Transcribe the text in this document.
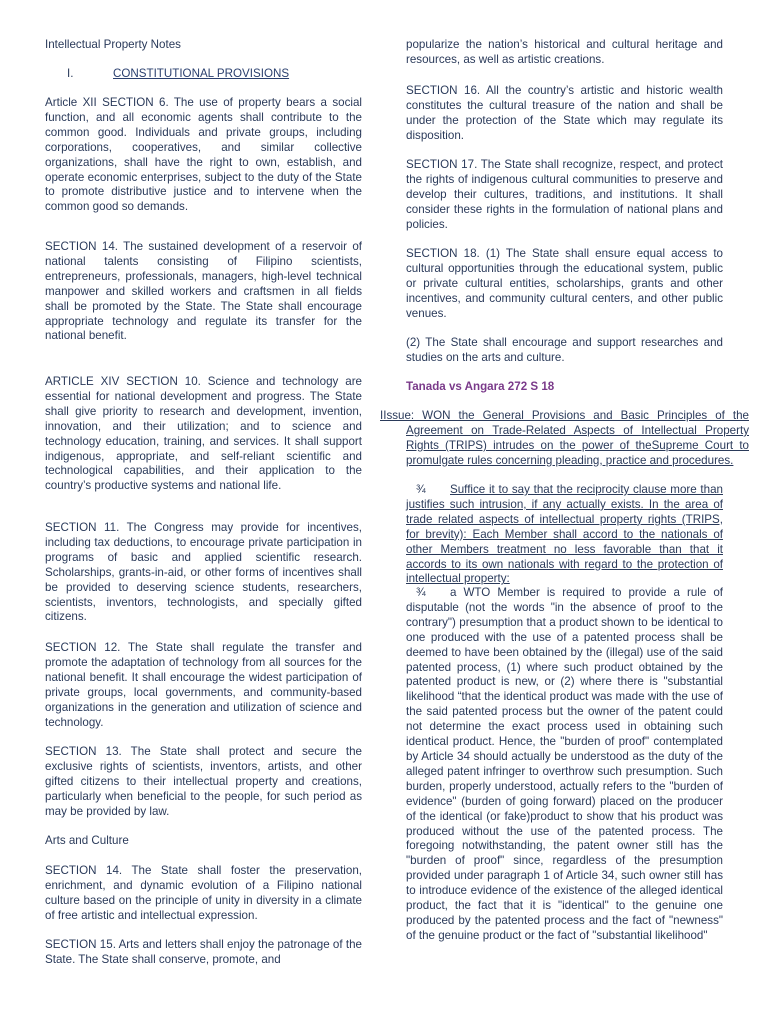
Intellectual Property Notes

I.	CONSTITUTIONAL PROVISIONS

Article XII SECTION 6. The use of property bears a social function, and all economic agents shall contribute to the common good. Individuals and private groups, including corporations, cooperatives, and similar collective organizations, shall have the right to own, establish, and operate economic enterprises, subject to the duty of the State to promote distributive justice and to intervene when the common good so demands.

SECTION 14. The sustained development of a reservoir of national talents consisting of Filipino scientists, entrepreneurs, professionals, managers, high-level technical manpower and skilled workers and craftsmen in all fields shall be promoted by the State. The State shall encourage appropriate technology and regulate its transfer for the national benefit.

ARTICLE XIV SECTION 10. Science and technology are essential for national development and progress. The State shall give priority to research and development, invention, innovation, and their utilization; and to science and technology education, training, and services. It shall support indigenous, appropriate, and self-reliant scientific and technological capabilities, and their application to the country’s productive systems and national life.

SECTION 11. The Congress may provide for incentives, including tax deductions, to encourage private participation in programs of basic and applied scientific research. Scholarships, grants-in-aid, or other forms of incentives shall be provided to deserving science students, researchers, scientists, inventors, technologists, and specially gifted citizens.

SECTION 12. The State shall regulate the transfer and promote the adaptation of technology from all sources for the national benefit. It shall encourage the widest participation of private groups, local governments, and community-based organizations in the generation and utilization of science and technology.

SECTION 13. The State shall protect and secure the exclusive rights of scientists, inventors, artists, and other gifted citizens to their intellectual property and creations, particularly when beneficial to the people, for such period as may be provided by law.

Arts and Culture

SECTION 14. The State shall foster the preservation, enrichment, and dynamic evolution of a Filipino national culture based on the principle of unity in diversity in a climate of free artistic and intellectual expression.

SECTION 15. Arts and letters shall enjoy the patronage of the State. The State shall conserve, promote, and

popularize the nation’s historical and cultural heritage and resources, as well as artistic creations.

SECTION 16. All the country’s artistic and historic wealth constitutes the cultural treasure of the nation and shall be under the protection of the State which may regulate its disposition.

SECTION 17. The State shall recognize, respect, and protect the rights of indigenous cultural communities to preserve and develop their cultures, traditions, and institutions. It shall consider these rights in the formulation of national plans and policies.

SECTION 18. (1) The State shall ensure equal access to cultural opportunities through the educational system, public or private cultural entities, scholarships, grants and other incentives, and community cultural centers, and other public venues.

(2) The State shall encourage and support researches and studies on the arts and culture.

Tanada vs Angara 272 S 18

IIssue: WON the General Provisions and Basic Principles of the Agreement on Trade-Related Aspects of Intellectual Property Rights (TRIPS) intrudes on the power of theSupreme Court to promulgate rules concerning pleading, practice and procedures.

¾ Suffice it to say that the reciprocity clause more than justifies such intrusion, if any actually exists. In the area of trade related aspects of intellectual property rights (TRIPS, for brevity): Each Member shall accord to the nationals of other Members treatment no less favorable than that it accords to its own nationals with regard to the protection of intellectual property:

¾ a WTO Member is required to provide a rule of disputable (not the words "in the absence of proof to the contrary") presumption that a product shown to be identical to one produced with the use of a patented process shall be deemed to have been obtained by the (illegal) use of the said patented process, (1) where such product obtained by the patented product is new, or (2) where there is "substantial likelihood “that the identical product was made with the use of the said patented process but the owner of the patent could not determine the exact process used in obtaining such identical product. Hence, the "burden of proof" contemplated by Article 34 should actually be understood as the duty of the alleged patent infringer to overthrow such presumption. Such burden, properly understood, actually refers to the "burden of evidence" (burden of going forward) placed on the producer of the identical (or fake)product to show that his product was produced without the use of the patented process. The foregoing notwithstanding, the patent owner still has the "burden of proof" since, regardless of the presumption provided under paragraph 1 of Article 34, such owner still has to introduce evidence of the existence of the alleged identical product, the fact that it is "identical" to the genuine one produced by the patented process and the fact of "newness" of the genuine product or the fact of "substantial likelihood"
